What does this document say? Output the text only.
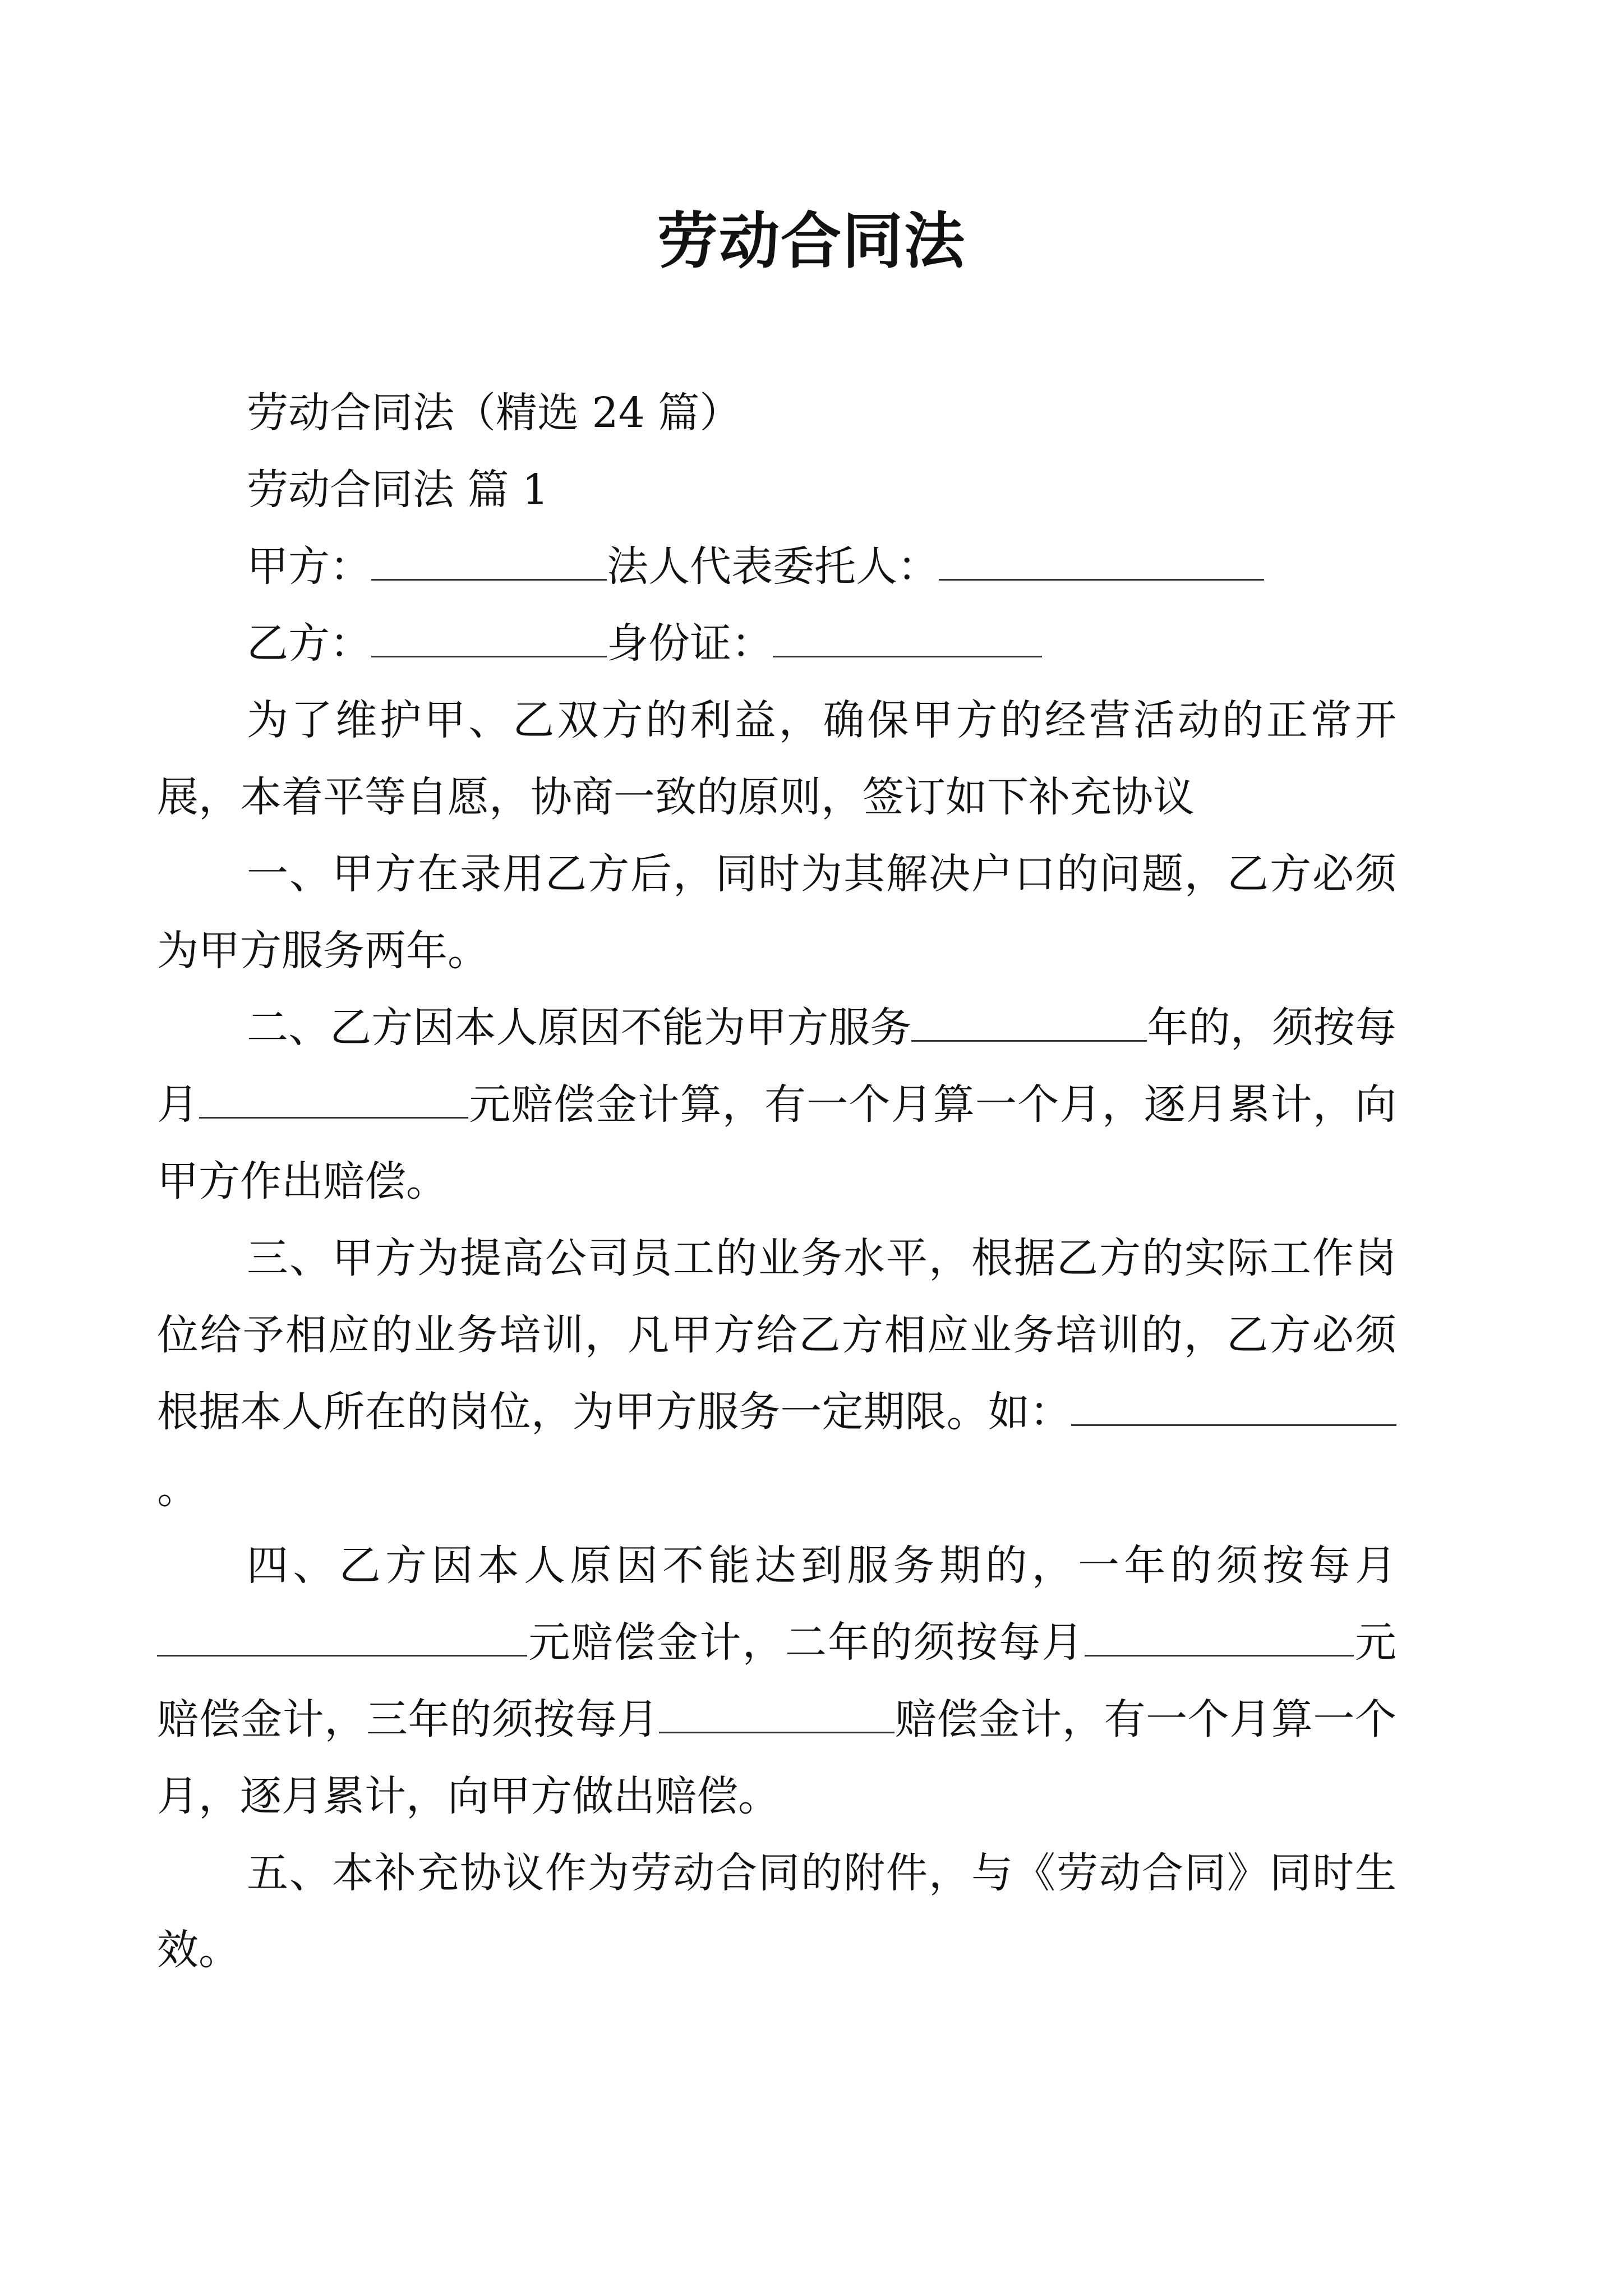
劳动合同法

劳动合同法（精选 24 篇）

劳动合同法 篇 1

甲方：	法人代表委托人：

乙方：	身份证：

为了维护甲、乙双方的利益，确保甲方的经营活动的正常开展，本着平等自愿，协商一致的原则，签订如下补充协议

一、甲方在录用乙方后，同时为其解决户口的问题，乙方必须为甲方服务两年。

二、乙方因本人原因不能为甲方服务	年的，须按每月	元赔偿金计算，有一个月算一个月，逐月累计，向甲方作出赔偿。

三、甲方为提高公司员工的业务水平，根据乙方的实际工作岗位给予相应的业务培训，凡甲方给乙方相应业务培训的，乙方必须根据本人所在的岗位，为甲方服务一定期限。如：。

四、乙方因本人原因不能达到服务期的，一年的须按每月元赔偿金计，二年的须按每月	元赔偿金计，三年的须按每月	赔偿金计，有一个月算一个月，逐月累计，向甲方做出赔偿。

五、本补充协议作为劳动合同的附件，与《劳动合同》同时生效。
